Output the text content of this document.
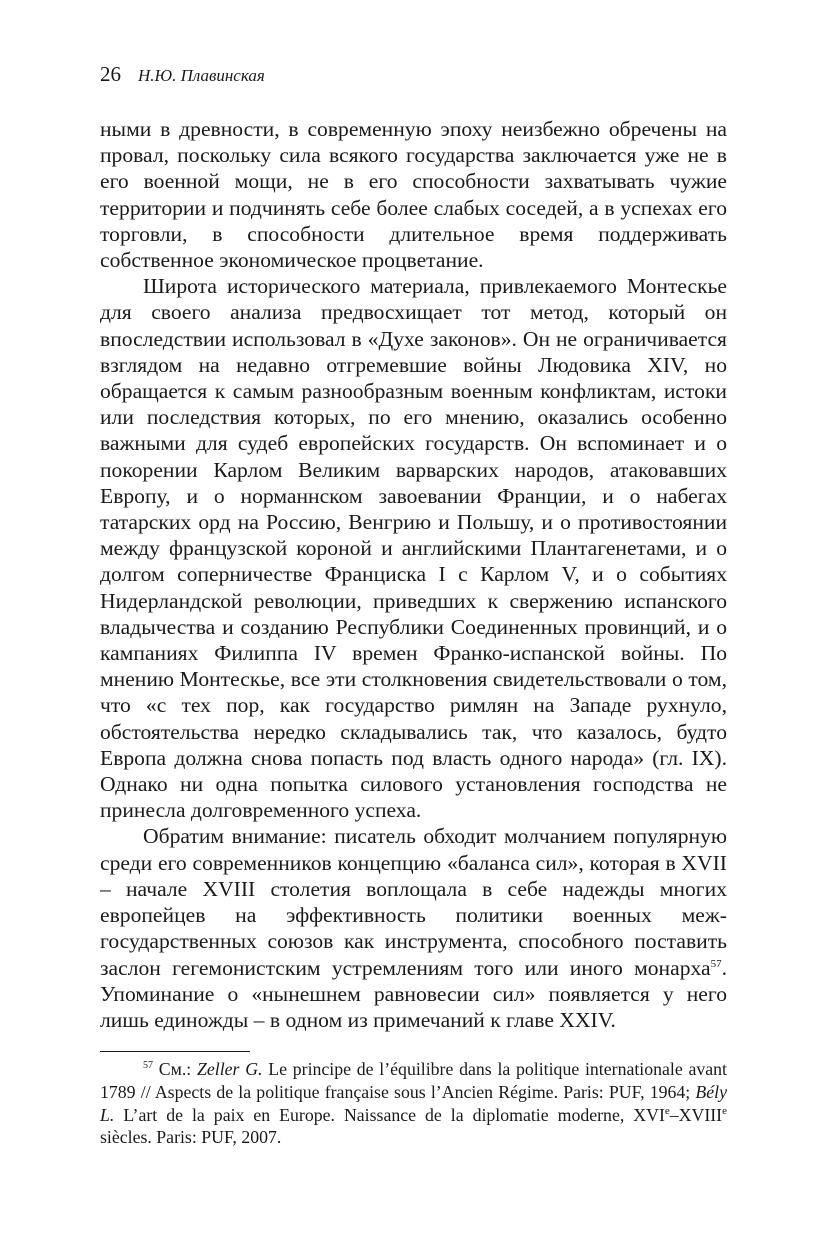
26 Н.Ю. Плавинская

ными в древности, в современную эпоху неизбежно обречены на провал, поскольку сила всякого государства заключается уже не в его военной мощи, не в его способности захватывать чужие территории и подчинять себе более слабых соседей, а в успехах его торговли, в способности длительное время поддерживать собственное экономическое процветание.

Широта исторического материала, привлекаемого Монтескье для своего анализа предвосхищает тот метод, который он впоследствии использовал в «Духе законов». Он не ограничивается взглядом на недавно отгремевшие войны Людовика XIV, но обращается к самым разнообразным военным конфликтам, истоки или последствия которых, по его мнению, оказались особенно важными для судеб европейских государств. Он вспоминает и о покорении Карлом Великим варварских народов, атаковавших Европу, и о норманнском завоевании Франции, и о набегах татарских орд на Россию, Венгрию и Польшу, и о противостоянии между французской короной и английскими Плантагенетами, и о долгом соперничестве Франциска I с Карлом V, и о событиях Нидерландской революции, приведших к свержению испанского владычества и созданию Республики Соединенных провинций, и о кампаниях Филиппа IV времен Франко-испанской войны. По мнению Монтескье, все эти столкновения свидетельствовали о том, что «с тех пор, как государство римлян на Западе рухнуло, обстоятельства нередко складывались так, что казалось, будто Европа должна снова попасть под власть одного народа» (гл. IX). Однако ни одна попытка силового установления господства не принесла долговременного успеха.

Обратим внимание: писатель обходит молчанием популярную среди его современников концепцию «баланса сил», которая в XVII – начале XVIII столетия воплощала в себе надежды многих европейцев на эффективность политики военных межгосударственных союзов как инструмента, способного поставить заслон гегемонистским устремлениям того или иного монарха$^{57}$. Упоминание о «нынешнем равновесии сил» появляется у него лишь единожды – в одном из примечаний к главе XXIV.

$^{57}$ См.: Zeller G. Le principe de l’équilibre dans la politique internationale avant 1789 // Aspects de la politique française sous l’Ancien Régime. Paris: PUF, 1964; Bély L. L’art de la paix en Europe. Naissance de la diplomatie moderne, XVIe–XVIIIe siècles. Paris: PUF, 2007.
